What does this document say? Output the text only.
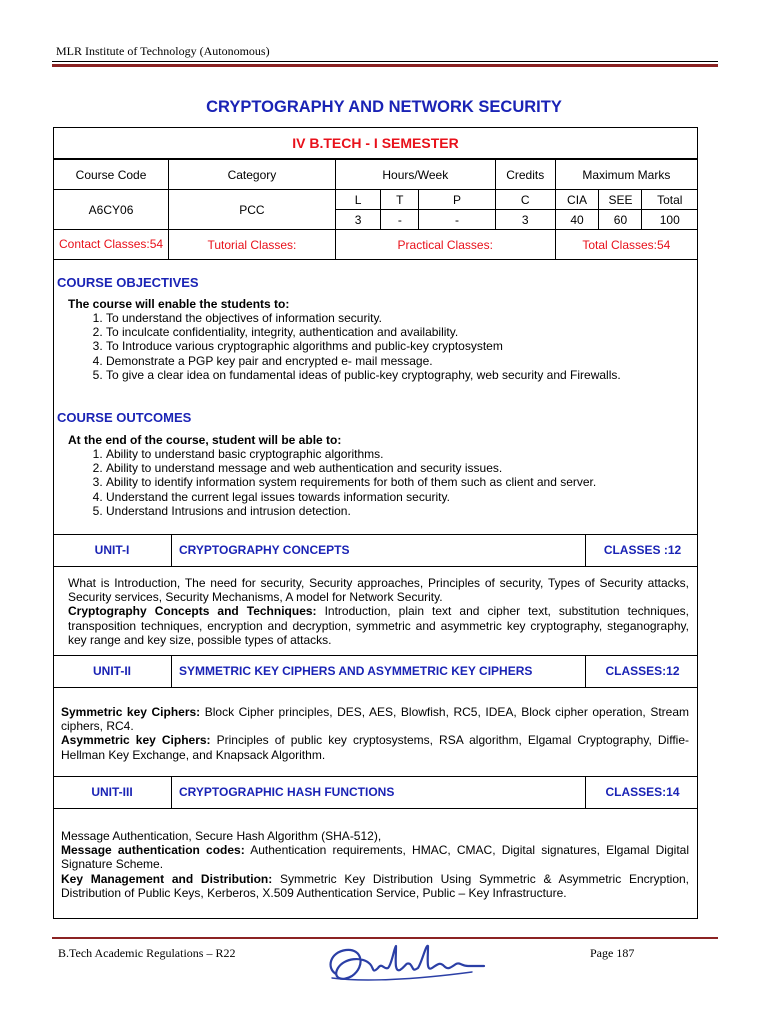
MLR Institute of Technology (Autonomous)
CRYPTOGRAPHY AND NETWORK SECURITY
IV B.TECH - I SEMESTER
Course Code	Category	Hours/Week			Credits	Maximum Marks		
A6CY06	PCC	L	T	P	C	CIA	SEE	Total
		3	-	-	3	40	60	100
Contact Classes:54	Tutorial Classes:	Practical Classes:				Total Classes:54		
COURSE OBJECTIVES
The course will enable the students to:
1. To understand the objectives of information security.
2. To inculcate confidentiality, integrity, authentication and availability.
3. To Introduce various cryptographic algorithms and public-key cryptosystem
4. Demonstrate a PGP key pair and encrypted e- mail message.
5. To give a clear idea on fundamental ideas of public-key cryptography, web security and Firewalls.
COURSE OUTCOMES
At the end of the course, student will be able to:
1. Ability to understand basic cryptographic algorithms.
2. Ability to understand message and web authentication and security issues.
3. Ability to identify information system requirements for both of them such as client and server.
4. Understand the current legal issues towards information security.
5. Understand Intrusions and intrusion detection.
UNIT-I	CRYPTOGRAPHY CONCEPTS	CLASSES :12
What is Introduction, The need for security, Security approaches, Principles of security, Types of Security attacks, Security services, Security Mechanisms, A model for Network Security.
Cryptography Concepts and Techniques: Introduction, plain text and cipher text, substitution techniques, transposition techniques, encryption and decryption, symmetric and asymmetric key cryptography, steganography, key range and key size, possible types of attacks.
UNIT-II	SYMMETRIC KEY CIPHERS AND ASYMMETRIC KEY CIPHERS	CLASSES:12
Symmetric key Ciphers: Block Cipher principles, DES, AES, Blowfish, RC5, IDEA, Block cipher operation, Stream ciphers, RC4.
Asymmetric key Ciphers: Principles of public key cryptosystems, RSA algorithm, Elgamal Cryptography, Diffie-Hellman Key Exchange, and Knapsack Algorithm.
UNIT-III	CRYPTOGRAPHIC HASH FUNCTIONS	CLASSES:14
Message Authentication, Secure Hash Algorithm (SHA-512),
Message authentication codes: Authentication requirements, HMAC, CMAC, Digital signatures, Elgamal Digital Signature Scheme.
Key Management and Distribution: Symmetric Key Distribution Using Symmetric & Asymmetric Encryption, Distribution of Public Keys, Kerberos, X.509 Authentication Service, Public – Key Infrastructure.
B.Tech Academic Regulations – R22	Page 187
